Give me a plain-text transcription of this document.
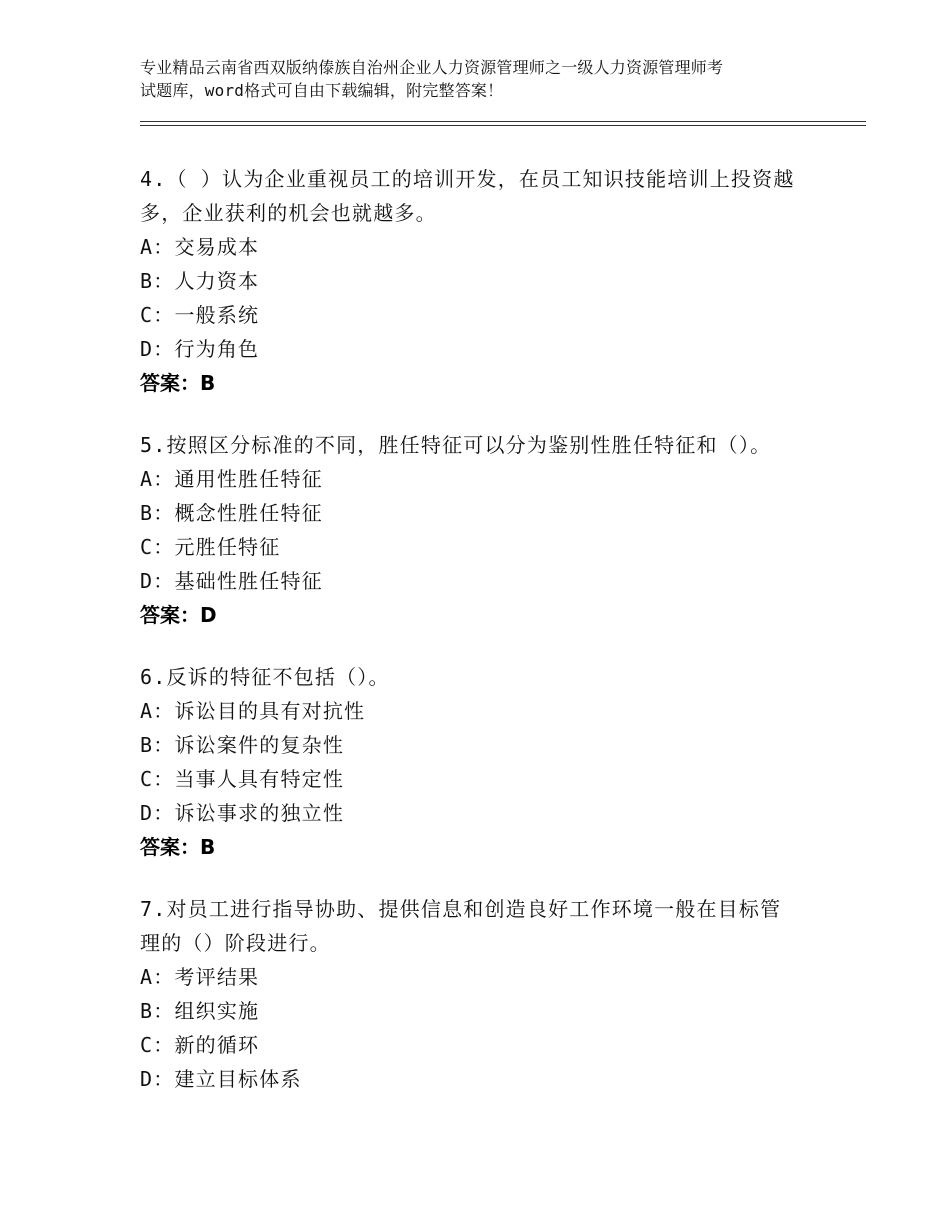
专业精品云南省西双版纳傣族自治州企业人力资源管理师之一级人力资源管理师考
试题库，word格式可自由下载编辑，附完整答案！
4.（ ）认为企业重视员工的培训开发，在员工知识技能培训上投资越
多，企业获利的机会也就越多。
A：交易成本
B：人力资本
C：一般系统
D：行为角色
答案：B
5.按照区分标准的不同，胜任特征可以分为鉴别性胜任特征和（）。
A：通用性胜任特征
B：概念性胜任特征
C：元胜任特征
D：基础性胜任特征
答案：D
6.反诉的特征不包括（）。
A：诉讼目的具有对抗性
B：诉讼案件的复杂性
C：当事人具有特定性
D：诉讼事求的独立性
答案：B
7.对员工进行指导协助、提供信息和创造良好工作环境一般在目标管
理的（）阶段进行。
A：考评结果
B：组织实施
C：新的循环
D：建立目标体系
